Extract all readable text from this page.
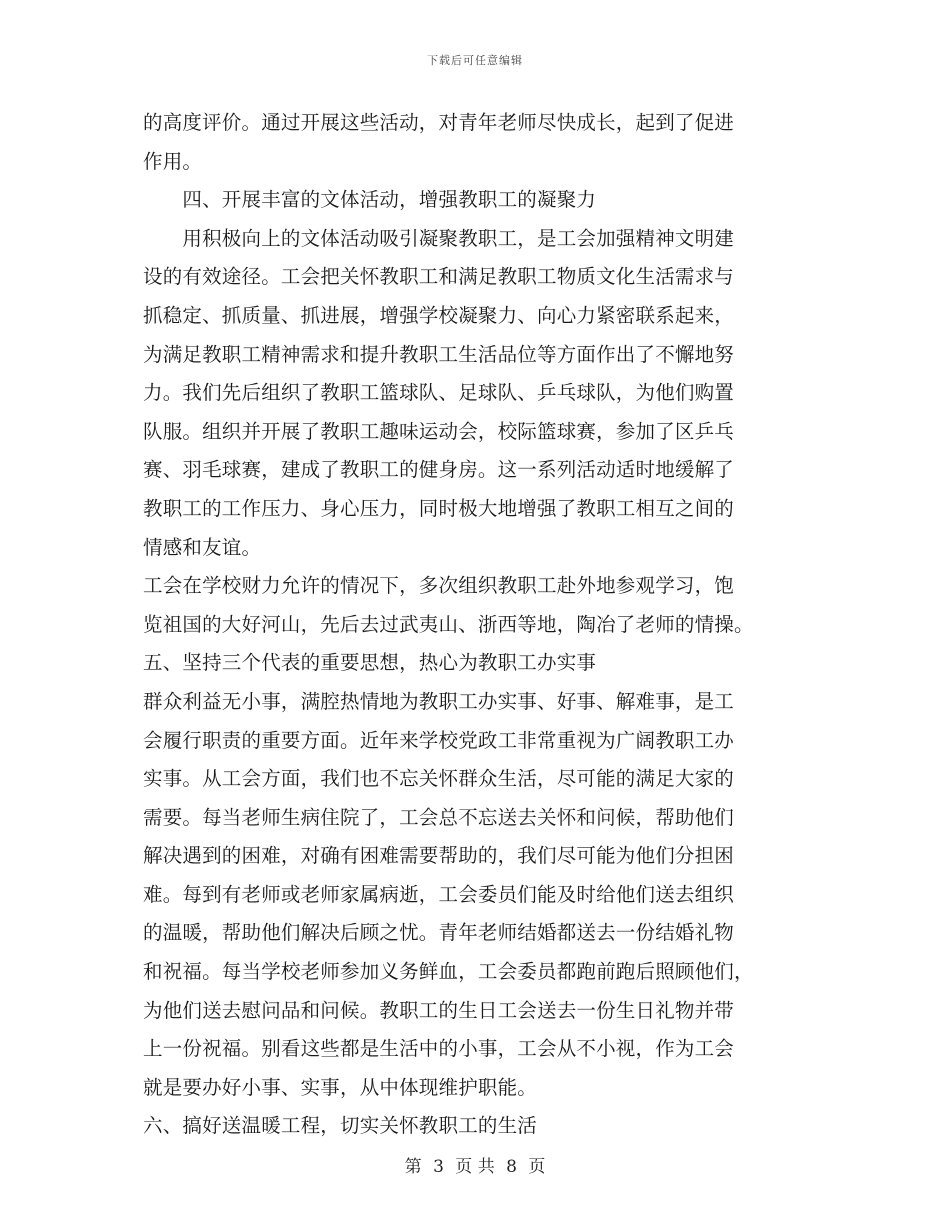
下载后可任意编辑
的高度评价。通过开展这些活动，对青年老师尽快成长，起到了促进
作用。
　　四、开展丰富的文体活动，增强教职工的凝聚力
　　用积极向上的文体活动吸引凝聚教职工，是工会加强精神文明建
设的有效途径。工会把关怀教职工和满足教职工物质文化生活需求与
抓稳定、抓质量、抓进展，增强学校凝聚力、向心力紧密联系起来，
为满足教职工精神需求和提升教职工生活品位等方面作出了不懈地努
力。我们先后组织了教职工篮球队、足球队、乒乓球队，为他们购置
队服。组织并开展了教职工趣味运动会，校际篮球赛，参加了区乒乓
赛、羽毛球赛，建成了教职工的健身房。这一系列活动适时地缓解了
教职工的工作压力、身心压力，同时极大地增强了教职工相互之间的
情感和友谊。
工会在学校财力允许的情况下，多次组织教职工赴外地参观学习，饱
览祖国的大好河山，先后去过武夷山、浙西等地，陶冶了老师的情操。
五、坚持三个代表的重要思想，热心为教职工办实事
群众利益无小事，满腔热情地为教职工办实事、好事、解难事，是工
会履行职责的重要方面。近年来学校党政工非常重视为广阔教职工办
实事。从工会方面，我们也不忘关怀群众生活，尽可能的满足大家的
需要。每当老师生病住院了，工会总不忘送去关怀和问候，帮助他们
解决遇到的困难，对确有困难需要帮助的，我们尽可能为他们分担困
难。每到有老师或老师家属病逝，工会委员们能及时给他们送去组织
的温暖，帮助他们解决后顾之忧。青年老师结婚都送去一份结婚礼物
和祝福。每当学校老师参加义务鲜血，工会委员都跑前跑后照顾他们，
为他们送去慰问品和问候。教职工的生日工会送去一份生日礼物并带
上一份祝福。别看这些都是生活中的小事，工会从不小视，作为工会
就是要办好小事、实事，从中体现维护职能。
六、搞好送温暖工程，切实关怀教职工的生活
第 3 页 共 8 页
